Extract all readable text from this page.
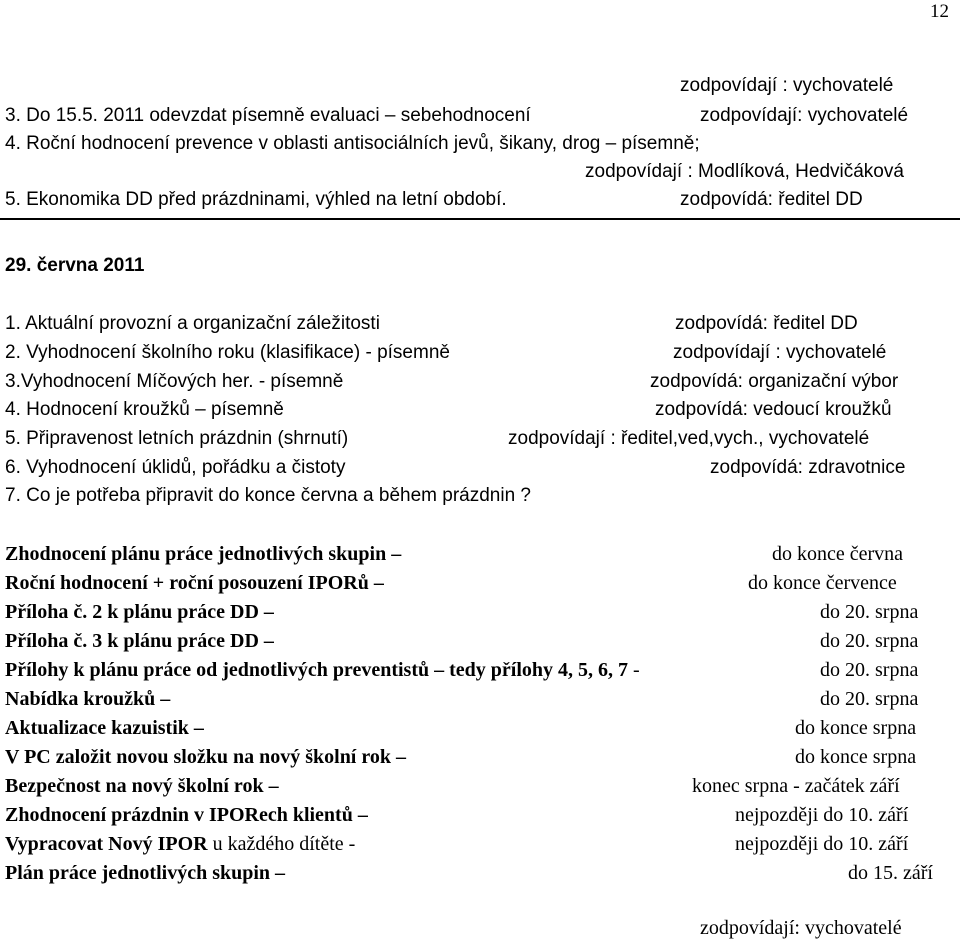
12
zodpovídají : vychovatelé
3. Do 15.5. 2011 odevzdat písemně evaluaci – sebehodnocení	zodpovídají: vychovatelé
4. Roční hodnocení prevence v oblasti antisociálních jevů, šikany, drog – písemně;
zodpovídají : Modlíková, Hedvičáková
5. Ekonomika DD před prázdninami, výhled na letní období.	zodpovídá: ředitel DD
29. června 2011
1. Aktuální provozní a organizační záležitosti	zodpovídá: ředitel DD
2. Vyhodnocení školního roku (klasifikace) - písemně	zodpovídají : vychovatelé
3.Vyhodnocení Míčových her. - písemně	zodpovídá: organizační výbor
4. Hodnocení kroužků – písemně	zodpovídá: vedoucí kroužků
5. Připravenost letních prázdnin (shrnutí)	zodpovídají : ředitel,ved,vych., vychovatelé
6. Vyhodnocení úklidů, pořádku a čistoty	zodpovídá: zdravotnice
7. Co je potřeba připravit do konce června a během prázdnin ?
Zhodnocení plánu práce jednotlivých skupin –	do konce června
Roční hodnocení + roční posouzení IPORů –	do konce července
Příloha č. 2 k plánu práce DD –	do 20. srpna
Příloha č. 3 k plánu práce DD –	do 20. srpna
Přílohy k plánu práce od jednotlivých preventistů – tedy přílohy 4, 5, 6, 7 -	do 20. srpna
Nabídka kroužků –	do 20. srpna
Aktualizace kazuistik –	do konce srpna
V PC založit novou složku na nový školní rok –	do konce srpna
Bezpečnost na nový školní rok –	konec srpna - začátek září
Zhodnocení prázdnin v IPORech klientů –	nejpozději do 10. září
Vypracovat Nový IPOR u každého dítěte -	nejpozději do 10. září
Plán práce jednotlivých skupin –	do 15. září
zodpovídají: vychovatelé
